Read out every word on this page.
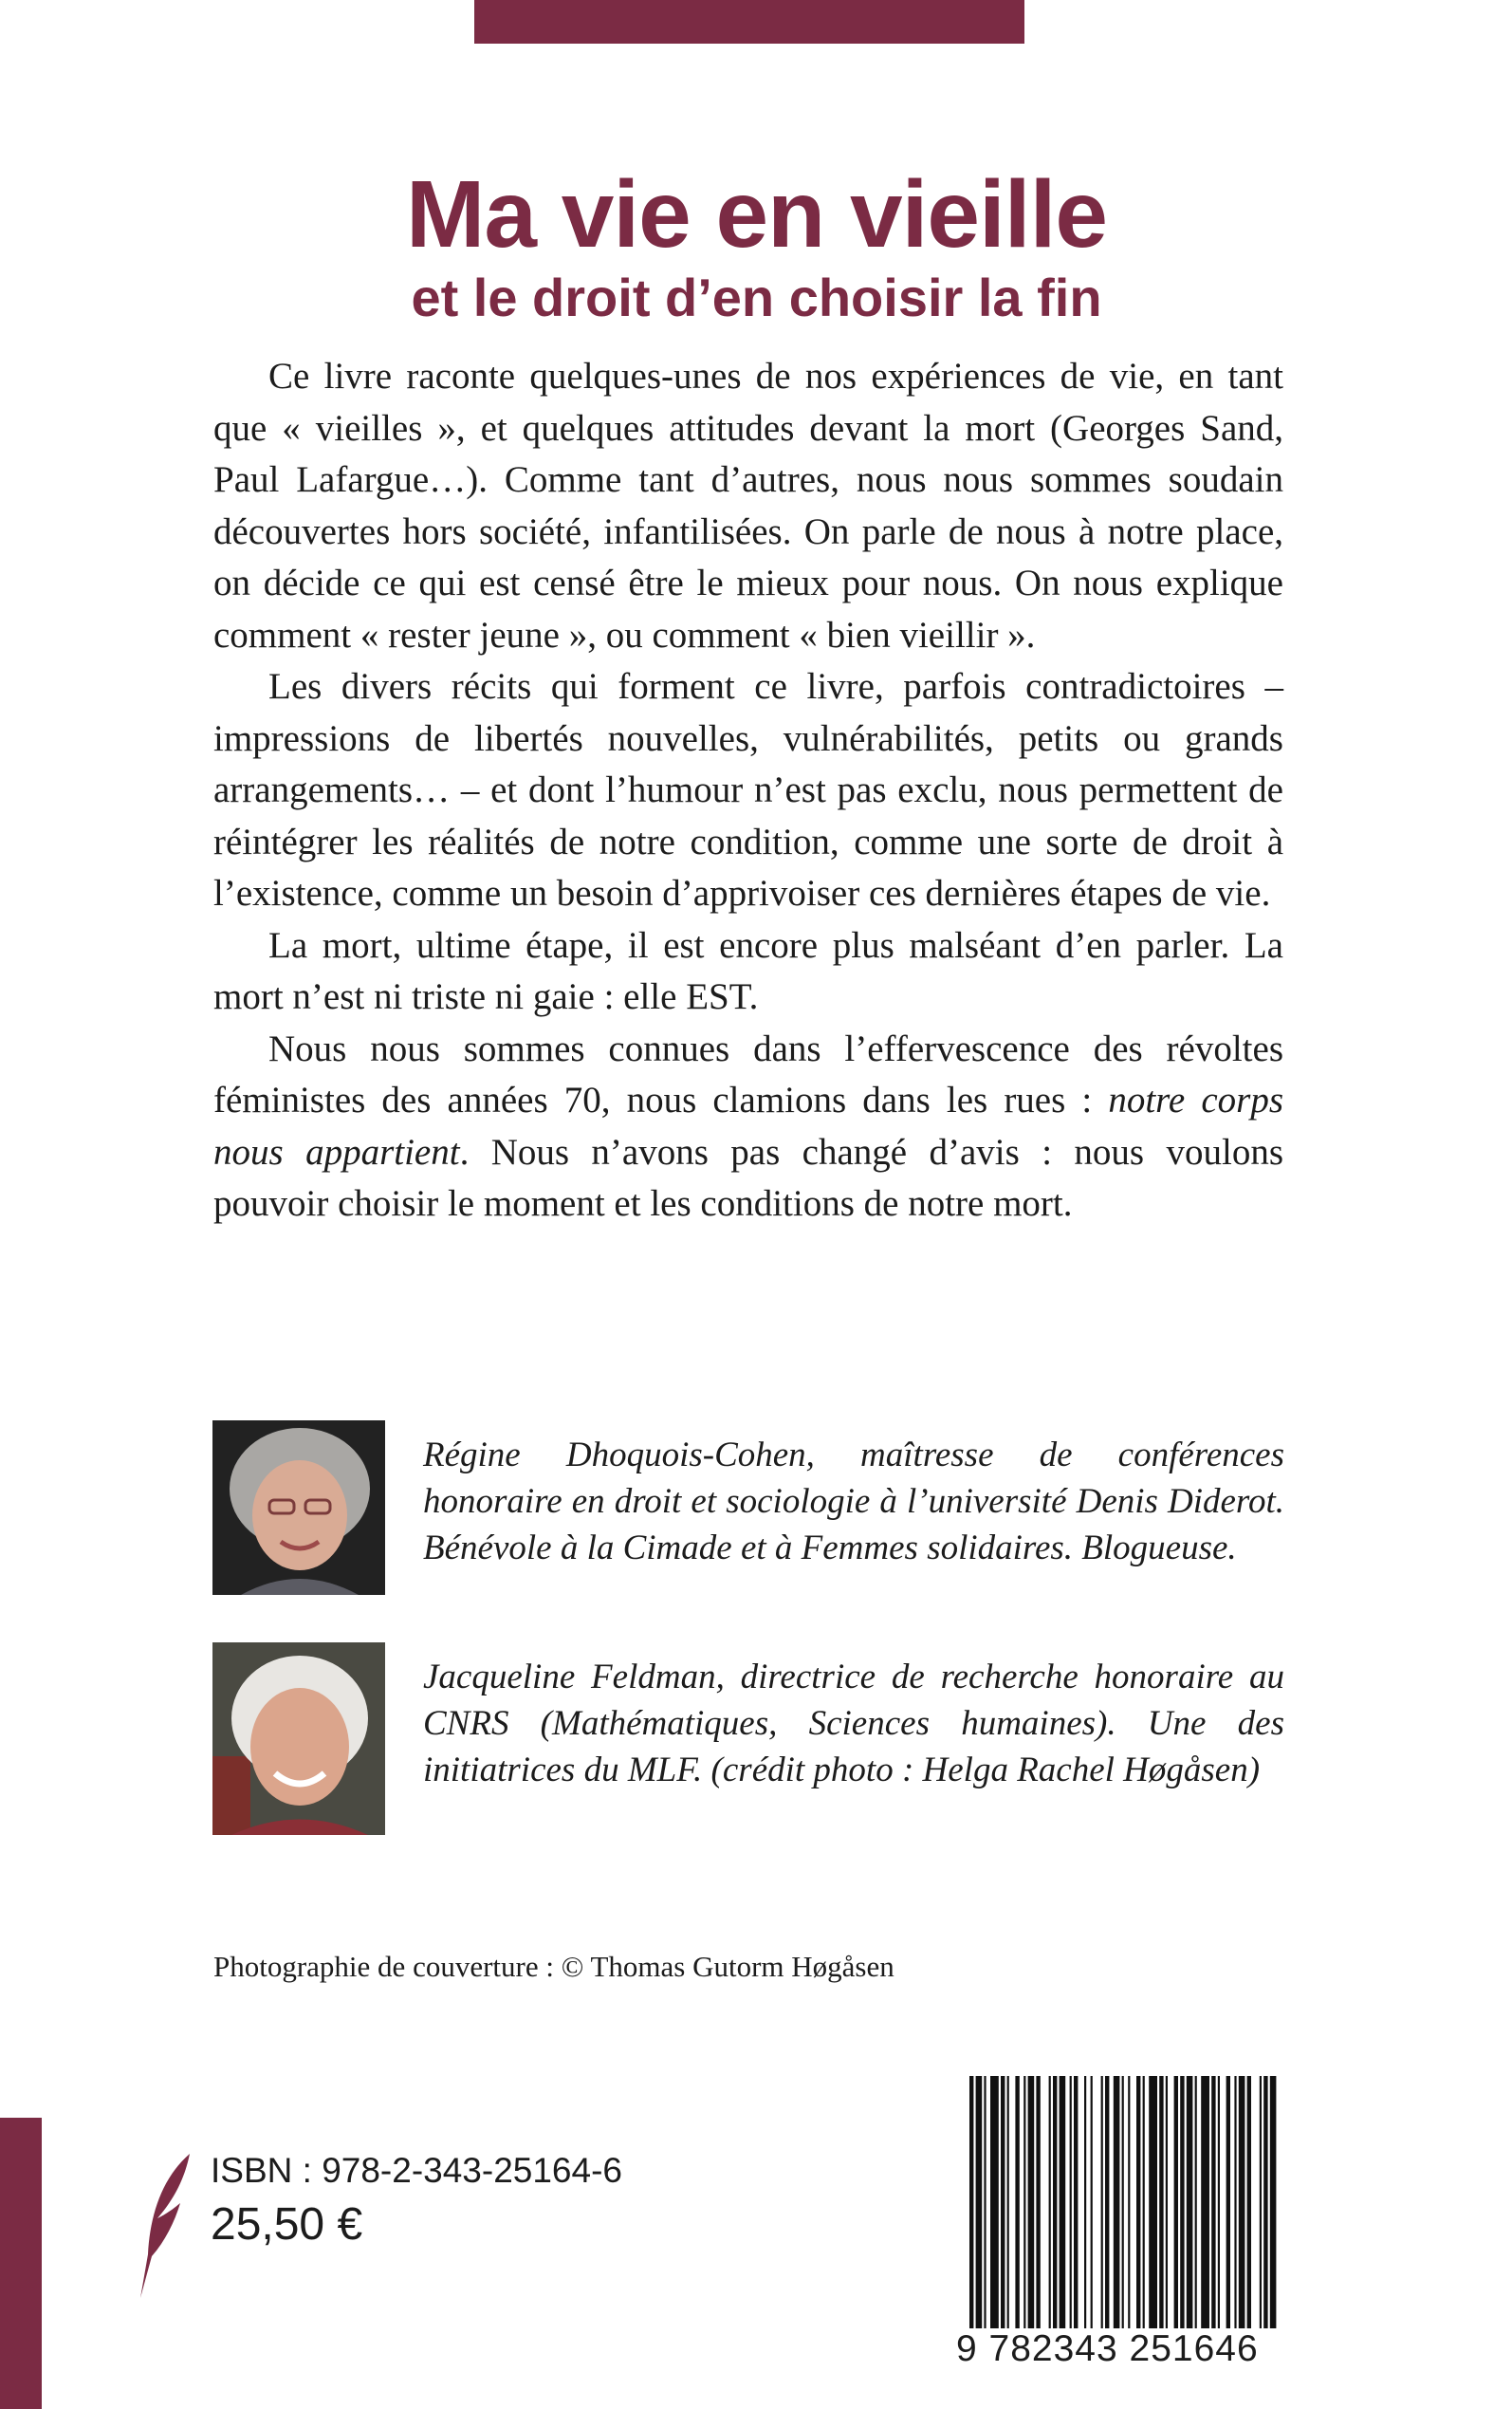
Ma vie en vieille
et le droit d’en choisir la fin

Ce livre raconte quelques-unes de nos expériences de vie, en tant que « vieilles », et quelques attitudes devant la mort (Georges Sand, Paul Lafargue…). Comme tant d’autres, nous nous sommes soudain découvertes hors société, infantilisées. On parle de nous à notre place, on décide ce qui est censé être le mieux pour nous. On nous explique comment « rester jeune », ou comment « bien vieillir ».

Les divers récits qui forment ce livre, parfois contradictoires – impressions de libertés nouvelles, vulnérabilités, petits ou grands arrangements… – et dont l’humour n’est pas exclu, nous permettent de réintégrer les réalités de notre condition, comme une sorte de droit à l’existence, comme un besoin d’apprivoiser ces dernières étapes de vie.

La mort, ultime étape, il est encore plus malséant d’en parler. La mort n’est ni triste ni gaie : elle EST.

Nous nous sommes connues dans l’effervescence des révoltes féministes des années 70, nous clamions dans les rues : notre corps nous appartient. Nous n’avons pas changé d’avis : nous voulons pouvoir choisir le moment et les conditions de notre mort.

Régine Dhoquois-Cohen, maîtresse de conférences honoraire en droit et sociologie à l’université Denis Diderot. Bénévole à la Cimade et à Femmes solidaires. Blogueuse.
Jacqueline Feldman, directrice de recherche honoraire au CNRS (Mathématiques, Sciences humaines). Une des initiatrices du MLF. (crédit photo : Helga Rachel Høgåsen)
Photographie de couverture : © Thomas Gutorm Høgåsen
ISBN : 978-2-343-25164-6
25,50 €
9 782343 251646
